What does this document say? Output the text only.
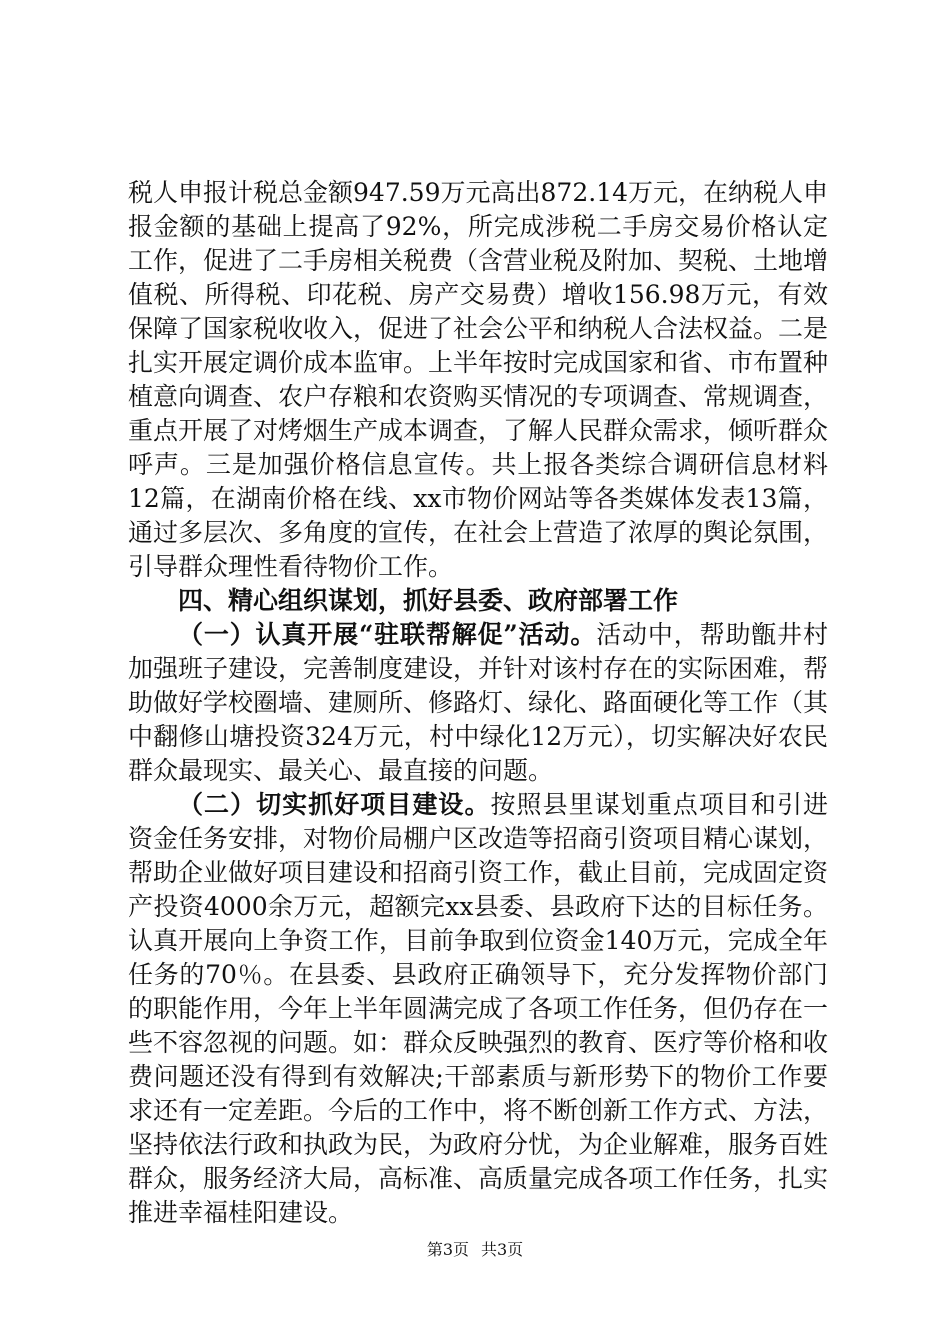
税人申报计税总金额947.59万元高出872.14万元，在纳税人申报金额的基础上提高了92%，所完成涉税二手房交易价格认定工作，促进了二手房相关税费（含营业税及附加、契税、土地增值税、所得税、印花税、房产交易费）增收156.98万元，有效保障了国家税收收入，促进了社会公平和纳税人合法权益。二是扎实开展定调价成本监审。上半年按时完成国家和省、市布置种植意向调查、农户存粮和农资购买情况的专项调查、常规调查，重点开展了对烤烟生产成本调查，了解人民群众需求，倾听群众呼声。三是加强价格信息宣传。共上报各类综合调研信息材料12篇，在湖南价格在线、xx市物价网站等各类媒体发表13篇，通过多层次、多角度的宣传，在社会上营造了浓厚的舆论氛围，引导群众理性看待物价工作。

四、精心组织谋划，抓好县委、政府部署工作

（一）认真开展“驻联帮解促”活动。活动中，帮助甑井村加强班子建设，完善制度建设，并针对该村存在的实际困难，帮助做好学校圈墙、建厕所、修路灯、绿化、路面硬化等工作（其中翻修山塘投资324万元，村中绿化12万元），切实解决好农民群众最现实、最关心、最直接的问题。

（二）切实抓好项目建设。按照县里谋划重点项目和引进资金任务安排，对物价局棚户区改造等招商引资项目精心谋划，帮助企业做好项目建设和招商引资工作，截止目前，完成固定资产投资4000余万元，超额完xx县委、县政府下达的目标任务。认真开展向上争资工作，目前争取到位资金140万元，完成全年任务的70％。在县委、县政府正确领导下，充分发挥物价部门的职能作用，今年上半年圆满完成了各项工作任务，但仍存在一些不容忽视的问题。如：群众反映强烈的教育、医疗等价格和收费问题还没有得到有效解决;干部素质与新形势下的物价工作要求还有一定差距。今后的工作中，将不断创新工作方式、方法，坚持依法行政和执政为民，为政府分忧，为企业解难，服务百姓群众，服务经济大局，高标准、高质量完成各项工作任务，扎实推进幸福桂阳建设。

第3页 共3页
